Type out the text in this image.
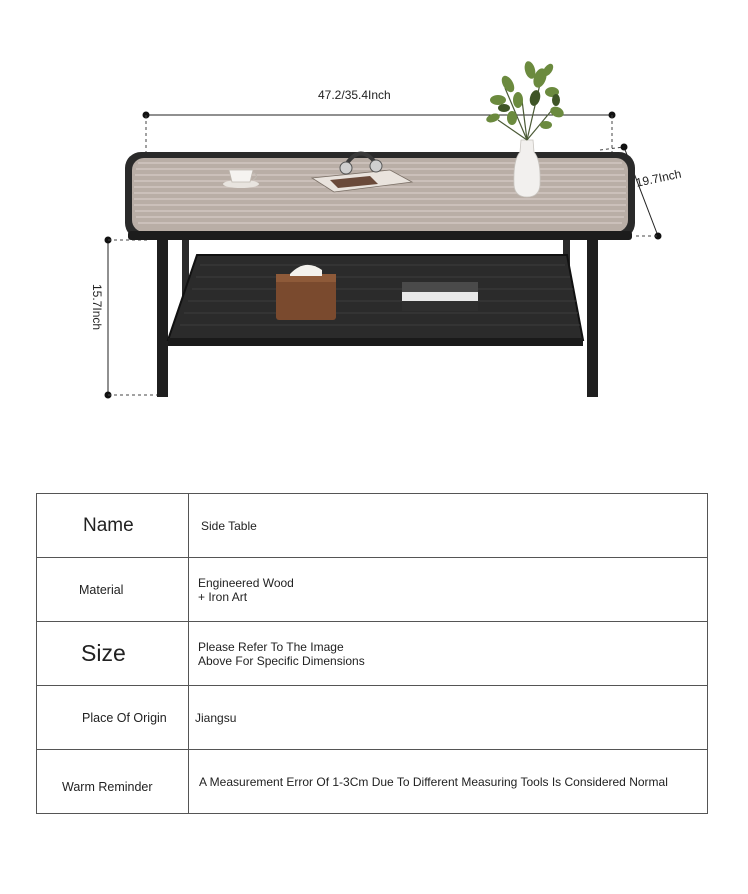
47.2/35.4Inch
19.7Inch
15.7Inch
Name	Side Table

Material	Engineered Wood
+ Iron Art

Size	Please Refer To The Image
Above For Specific Dimensions

Place Of Origin	Jiangsu

Warm Reminder	A Measurement Error Of 1-3Cm Due To Different Measuring Tools Is Considered Normal
